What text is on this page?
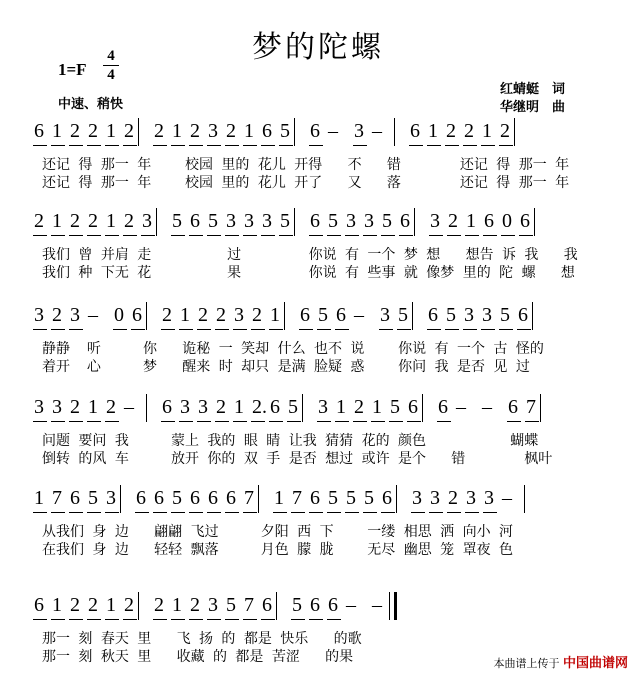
梦的陀螺
1=F
4
4
中速、稍快
红蜻蜓　词
华继明　曲
6 1 2 2 1 2 2 1 2 3 2 1 6 5 6 – 3 – 6 1 2 2 1 2
还记 得 那一 年    校园 里的 花儿 开得   不   错       还记 得 那一 年
还记 得 那一 年    校园 里的 花儿 开了   又   落       还记 得 那一 年
2 1 2 2 1 2 3 5 6 5 3 3 3 5 6 5 3 3 5 6 3 2 1 6 0 6
我们 曾 并肩 走         过        你说 有 一个 梦 想   想告 诉 我   我
我们 种 下无 花         果        你说 有 些事 就 像梦 里的 陀 螺   想
3 2 3 – 0 6 2 1 2 2 3 2 1 6 5 6 – 3 5 6 5 3 3 5 6
静静  听     你   诡秘 一 笑却 什么 也不 说    你说 有 一个 古 怪的
着开  心     梦   醒来 时 却只 是满 脸疑 惑    你问 我 是否 见 过
3 3 2 1 2 – 6 3 3 2 1 2. 6 5 3 1 2 1 5 6 6 – – 6 7
问题 要问 我     蒙上 我的 眼 睛 让我 猜猜 花的 颜色          蝴蝶
倒转 的风 车     放开 你的 双 手 是否 想过 或许 是个   错       枫叶
1 7 6 5 3 6 6 5 6 6 6 7 1 7 6 5 5 5 6 3 3 2 3 3 –
从我们 身 边   翩翩 飞过     夕阳 西 下    一缕 相思 洒 向小 河
在我们 身 边   轻轻 飘落     月色 朦 胧    无尽 幽思 笼 罩夜 色
6 1 2 2 1 2 2 1 2 3 5 7 6 5 6 6 – –
那一 刻 春天 里   飞 扬 的 都是 快乐   的歌
那一 刻 秋天 里   收藏 的 都是 苦涩   的果	本曲谱上传于 中国曲谱网
